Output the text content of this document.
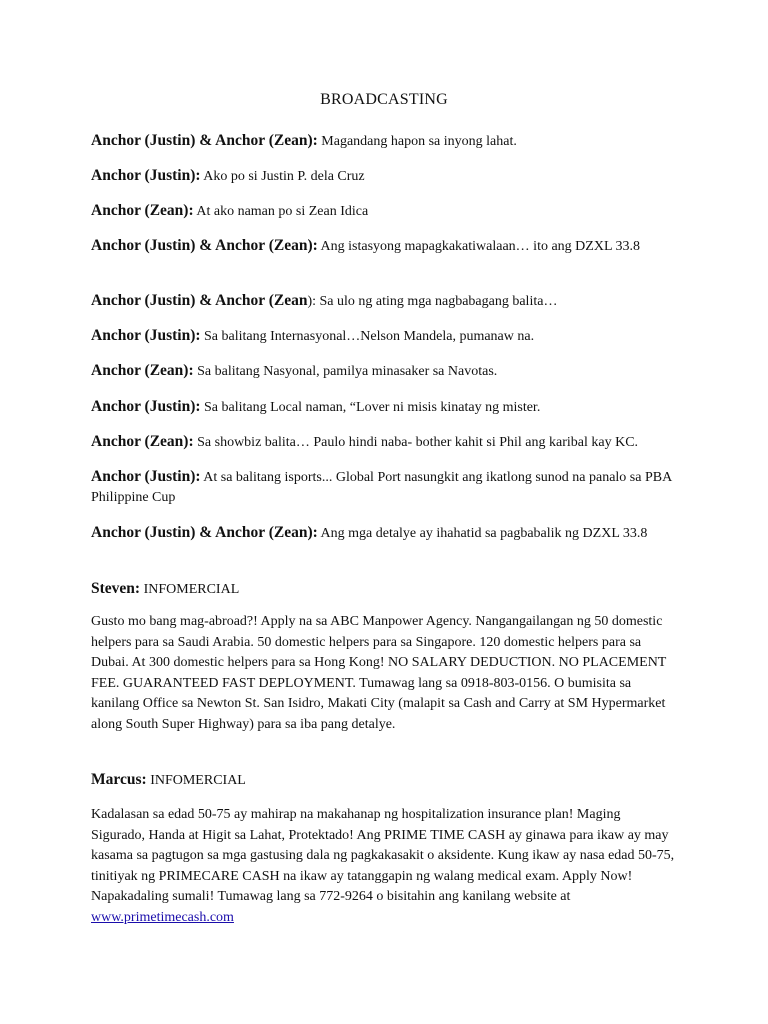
BROADCASTING
Anchor (Justin) & Anchor (Zean): Magandang hapon sa inyong lahat.
Anchor (Justin): Ako po si Justin P. dela Cruz
Anchor (Zean): At ako naman po si Zean Idica
Anchor (Justin) & Anchor (Zean): Ang istasyong mapagkakatiwalaan… ito ang DZXL 33.8
Anchor (Justin) & Anchor (Zean): Sa ulo ng ating mga nagbabagang balita…
Anchor (Justin): Sa balitang Internasyonal…Nelson Mandela, pumanaw na.
Anchor (Zean): Sa balitang Nasyonal, pamilya minasaker sa Navotas.
Anchor (Justin): Sa balitang Local naman, “Lover ni misis kinatay ng mister.
Anchor (Zean): Sa showbiz balita… Paulo hindi naba- bother kahit si Phil ang karibal kay KC.
Anchor (Justin): At sa balitang isports... Global Port nasungkit ang ikatlong sunod na panalo sa PBA Philippine Cup
Anchor (Justin) & Anchor (Zean): Ang mga detalye ay ihahatid sa pagbabalik ng DZXL 33.8
Steven: INFOMERCIAL
Gusto mo bang mag-abroad?! Apply na sa ABC Manpower Agency. Nangangailangan ng 50 domestic helpers para sa Saudi Arabia. 50 domestic helpers para sa Singapore. 120 domestic helpers para sa Dubai. At 300 domestic helpers para sa Hong Kong! NO SALARY DEDUCTION. NO PLACEMENT FEE. GUARANTEED FAST DEPLOYMENT. Tumawag lang sa 0918-803-0156. O bumisita sa kanilang Office sa Newton St. San Isidro, Makati City (malapit sa Cash and Carry at SM Hypermarket along South Super Highway) para sa iba pang detalye.
Marcus: INFOMERCIAL
Kadalasan sa edad 50-75 ay mahirap na makahanap ng hospitalization insurance plan! Maging Sigurado, Handa at Higit sa Lahat, Protektado! Ang PRIME TIME CASH ay ginawa para ikaw ay may kasama sa pagtugon sa mga gastusing dala ng pagkakasakit o aksidente. Kung ikaw ay nasa edad 50-75, tinitiyak ng PRIMECARE CASH na ikaw ay tatanggapin ng walang medical exam. Apply Now! Napakadaling sumali! Tumawag lang sa 772-9264 o bisitahin ang kanilang website at www.primetimecash.com
